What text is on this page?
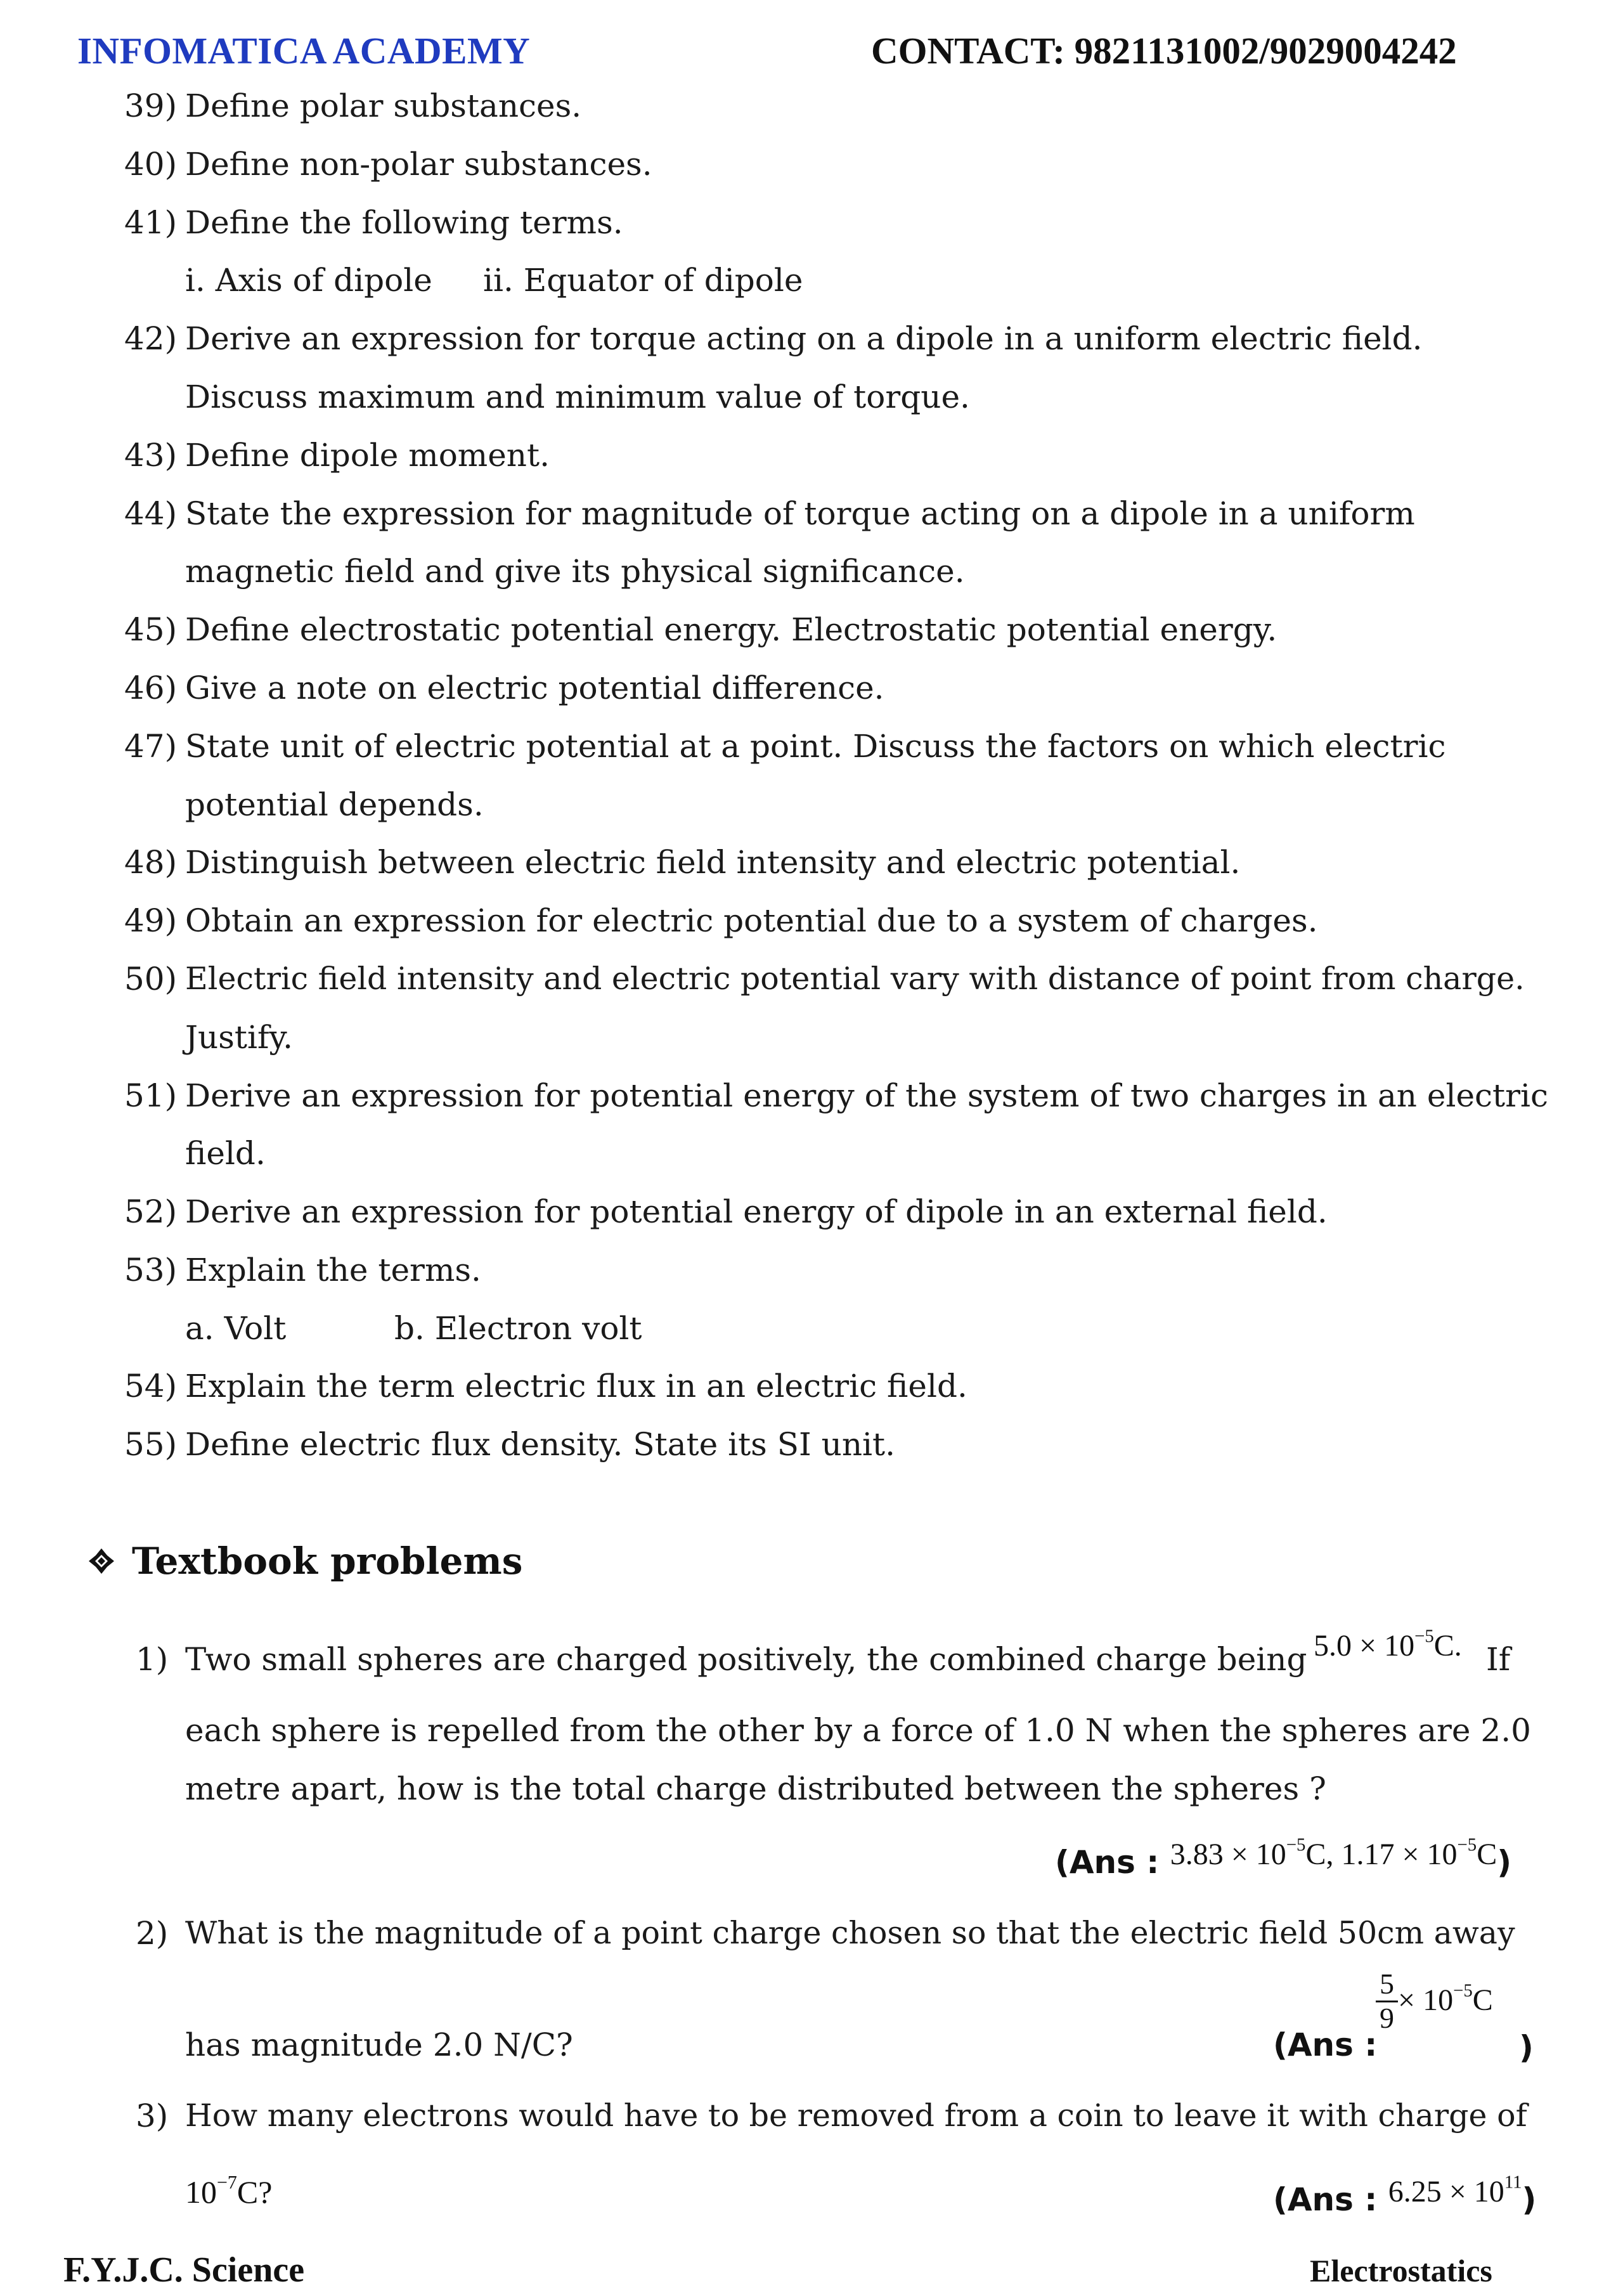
INFOMATICA ACADEMY	CONTACT: 9821131002/9029004242
39) Define polar substances.
40) Define non-polar substances.
41) Define the following terms.
i. Axis of dipole ii. Equator of dipole
42) Derive an expression for torque acting on a dipole in a uniform electric field.
Discuss maximum and minimum value of torque.
43) Define dipole moment.
44) State the expression for magnitude of torque acting on a dipole in a uniform
magnetic field and give its physical significance.
45) Define electrostatic potential energy. Electrostatic potential energy.
46) Give a note on electric potential difference.
47) State unit of electric potential at a point. Discuss the factors on which electric
potential depends.
48) Distinguish between electric field intensity and electric potential.
49) Obtain an expression for electric potential due to a system of charges.
50) Electric field intensity and electric potential vary with distance of point from charge.
Justify.
51) Derive an expression for potential energy of the system of two charges in an electric
field.
52) Derive an expression for potential energy of dipole in an external field.
53) Explain the terms.
a. Volt	b. Electron volt
54) Explain the term electric flux in an electric field.
55) Define electric flux density. State its SI unit.
Textbook problems
1) Two small spheres are charged positively, the combined charge being $5.0 \times 10^{-5}C$. If
each sphere is repelled from the other by a force of 1.0 N when the spheres are 2.0
metre apart, how is the total charge distributed between the spheres ?
(Ans : $3.83 \times 10^{-5}C$, $1.17 \times 10^{-5}C$)
2) What is the magnitude of a point charge chosen so that the electric field 50cm away
has magnitude 2.0 N/C?	(Ans :
$\frac{5}{9} \times 10^{-5}C$
)
3) How many electrons would have to be removed from a coin to leave it with charge of
$10^{-7}C$?	(Ans : $6.25 \times 10^{11}$)
F.Y.J.C. Science	Electrostatics
